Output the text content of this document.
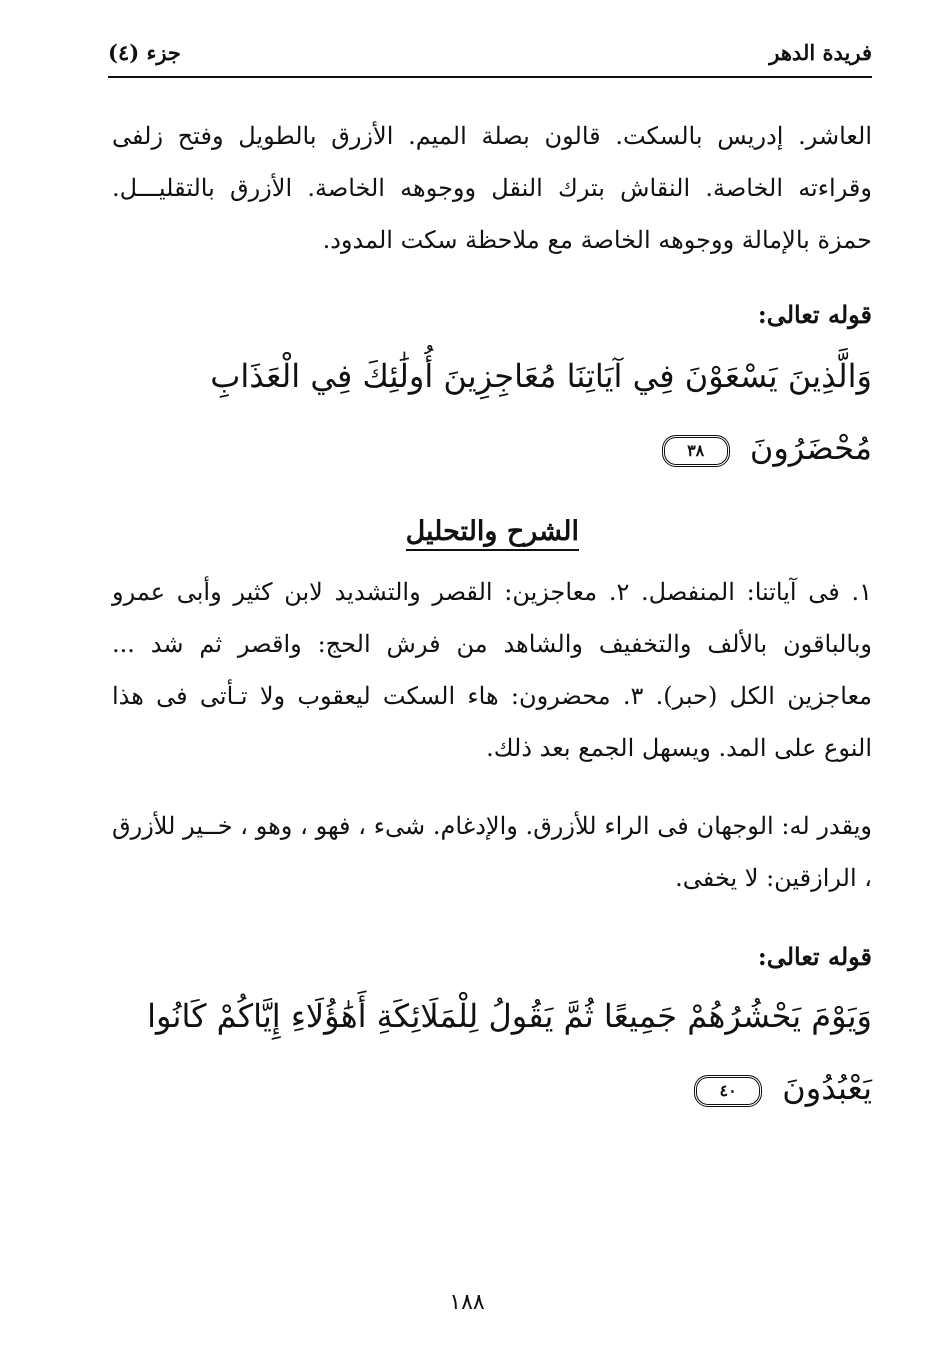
فريدة الدهر
جزء (٤)
العاشر. إدريس بالسكت. قالون بصلة الميم. الأزرق بالطويل وفتح زلفى وقراءته الخاصة. النقاش بترك النقل ووجوهه الخاصة. الأزرق بالتقليـــل. حمزة بالإمالة ووجوهه الخاصة مع ملاحظة سكت المدود.
قوله تعالى:
وَالَّذِينَ يَسْعَوْنَ فِي آيَاتِنَا مُعَاجِزِينَ أُولَٰئِكَ فِي الْعَذَابِ مُحْضَرُونَ ٣٨
الشرح والتحليل
١. فى آياتنا: المنفصل. ٢. معاجزين: القصر والتشديد لابن كثير وأبى عمرو وبالباقون بالألف والتخفيف والشاهد من فرش الحج: واقصر ثم شد ... معاجزين الكل (حبر). ٣. محضرون: هاء السكت ليعقوب ولا تـأتى فى هذا النوع على المد. ويسهل الجمع بعد ذلك.
ويقدر له: الوجهان فى الراء للأزرق. والإدغام. شىء ، فهو ، وهو ، خــير للأزرق ، الرازقين: لا يخفى.
قوله تعالى:
وَيَوْمَ يَحْشُرُهُمْ جَمِيعًا ثُمَّ يَقُولُ لِلْمَلَائِكَةِ أَهَٰؤُلَاءِ إِيَّاكُمْ كَانُوا يَعْبُدُونَ ٤٠
١٨٨
